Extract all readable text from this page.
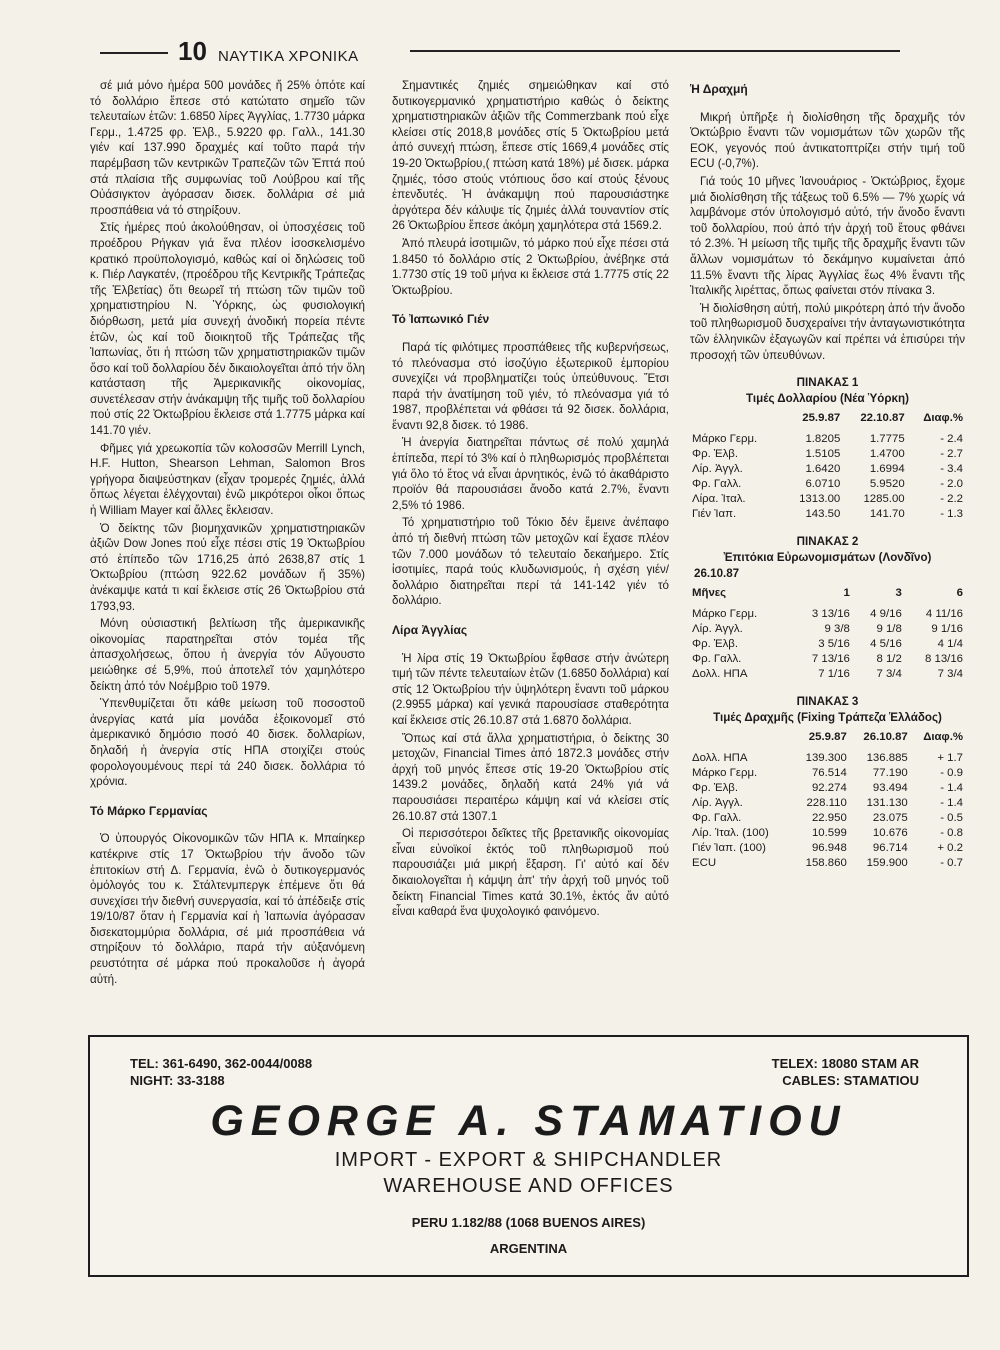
10 ΝΑΥΤΙΚΑ ΧΡΟΝΙΚΑ

σέ μιά μόνο ἡμέρα 500 μονάδες ἤ 25% ὁπότε καί τό δολλάριο ἔπεσε στό κατώτατο σημεῖο τῶν τελευταίων ἐτῶν: 1.6850 λίρες Ἀγγλίας, 1.7730 μάρκα Γερμ., 1.4725 φρ. Ἑλβ., 5.9220 φρ. Γαλλ., 141.30 γιέν καί 137.990 δραχμές καί τοῦτο παρά τήν παρέμβαση τῶν κεντρικῶν Τραπεζῶν τῶν Ἑπτά πού στά πλαίσια τῆς συμφωνίας τοῦ Λούβρου καί τῆς Οὐάσιγκτον ἀγόρασαν δισεκ. δολλάρια σέ μιά προσπάθεια νά τό στηρίξουν.

Στίς ἡμέρες πού ἀκολούθησαν, οἱ ὑποσχέσεις τοῦ προέδρου Ρήγκαν γιά ἕνα πλέον ἰσοσκελισμένο κρατικό προϋπολογισμό, καθώς καί οἱ δηλώσεις τοῦ κ. Πιέρ Λαγκατέν, (προέδρου τῆς Κεντρικῆς Τράπεζας τῆς Ἑλβετίας) ὅτι θεωρεῖ τή πτώση τῶν τιμῶν τοῦ χρηματιστηρίου Ν. Ὑόρκης, ὡς φυσιολογική διόρθωση, μετά μία συνεχή ἀνοδική πορεία πέντε ἐτῶν, ὡς καί τοῦ διοικητοῦ τῆς Τράπεζας τῆς Ἰαπωνίας, ὅτι ἡ πτώση τῶν χρηματιστηριακῶν τιμῶν ὅσο καί τοῦ δολλαρίου δέν δικαιολογεῖται ἀπό τήν ὅλη κατάσταση τῆς Ἀμερικανικῆς οἰκονομίας, συνετέλεσαν στήν ἀνάκαμψη τῆς τιμῆς τοῦ δολλαρίου πού στίς 22 Ὀκτωβρίου ἔκλεισε στά 1.7775 μάρκα καί 141.70 γιέν.

Φῆμες γιά χρεωκοπία τῶν κολοσσῶν Merrill Lynch, H.F. Hutton, Shearson Lehman, Salomon Bros γρήγορα διαψεύστηκαν (εἶχαν τρομερές ζημιές, ἀλλά ὅπως λέγεται ἐλέγχονται) ἐνῶ μικρότεροι οἶκοι ὅπως ἡ William Mayer καί ἄλλες ἔκλεισαν.

Ὁ δείκτης τῶν βιομηχανικῶν χρηματιστηριακῶν ἀξιῶν Dow Jones πού εἶχε πέσει στίς 19 Ὀκτωβρίου στό ἐπίπεδο τῶν 1716,25 ἀπό 2638,87 στίς 1 Ὀκτωβρίου (πτώση 922.62 μονάδων ἤ 35%) ἀνέκαμψε κατά τι καί ἔκλεισε στίς 26 Ὀκτωβρίου στά 1793,93.

Μόνη οὐσιαστική βελτίωση τῆς ἀμερικανικῆς οἰκονομίας παρατηρεῖται στόν τομέα τῆς ἀπασχολήσεως, ὅπου ἡ ἀνεργία τόν Αὔγουστο μειώθηκε σέ 5,9%, πού ἀποτελεῖ τόν χαμηλότερο δείκτη ἀπό τόν Νοέμβριο τοῦ 1979.

Ὑπενθυμίζεται ὅτι κάθε μείωση τοῦ ποσοστοῦ ἀνεργίας κατά μία μονάδα ἐξοικονομεῖ στό ἀμερικανικό δημόσιο ποσό 40 δισεκ. δολλαρίων, δηλαδή ἡ ἀνεργία στίς ΗΠΑ στοιχίζει στούς φορολογουμένους περί τά 240 δισεκ. δολλάρια τό χρόνια.

Τό Μάρκο Γερμανίας

Ὁ ὑπουργός Οἰκονομικῶν τῶν ΗΠΑ κ. Μπαίηκερ κατέκρινε στίς 17 Ὀκτωβρίου τήν ἄνοδο τῶν ἐπιτοκίων στή Δ. Γερμανία, ἐνῶ ὁ δυτικογερμανός ὁμόλογός του κ. Στάλτενμπεργκ ἐπέμενε ὅτι θά συνεχίσει τήν διεθνή συνεργασία, καί τό ἀπέδειξε στίς 19/10/87 ὅταν ἡ Γερμανία καί ἡ Ἰαπωνία ἀγόρασαν δισεκατομμύρια δολλάρια, σέ μιά προσπάθεια νά στηρίξουν τό δολλάριο, παρά τήν αὐξανόμενη ρευστότητα σέ μάρκα πού προκαλοῦσε ἡ ἀγορά αὐτή.

Σημαντικές ζημιές σημειώθηκαν καί στό δυτικογερμανικό χρηματιστήριο καθώς ὁ δείκτης χρηματιστηριακῶν ἀξιῶν τῆς Commerzbank πού εἶχε κλείσει στίς 2018,8 μονάδες στίς 5 Ὀκτωβρίου μετά ἀπό συνεχή πτώση, ἔπεσε στίς 1669,4 μονάδες στίς 19-20 Ὀκτωβρίου,( πτώση κατά 18%) μέ δισεκ. μάρκα ζημιές, τόσο στούς ντόπιους ὅσο καί στούς ξένους ἐπενδυτές. Ἡ ἀνάκαμψη πού παρουσιάστηκε ἀργότερα δέν κάλυψε τίς ζημιές ἀλλά τουναντίον στίς 26 Ὀκτωβρίου ἔπεσε ἀκόμη χαμηλότερα στά 1569.2.

Ἀπό πλευρά ἰσοτιμιῶν, τό μάρκο πού εἶχε πέσει στά 1.8450 τό δολλάριο στίς 2 Ὀκτωβρίου, ἀνέβηκε στά 1.7730 στίς 19 τοῦ μήνα κι ἔκλεισε στά 1.7775 στίς 22 Ὀκτωβρίου.

Τό Ἰαπωνικό Γιέν

Παρά τίς φιλότιμες προσπάθειες τῆς κυβερνήσεως, τό πλεόνασμα στό ἰσοζύγιο ἐξωτερικοῦ ἐμπορίου συνεχίζει νά προβληματίζει τούς ὑπεύθυνους. Ἔτσι παρά τήν ἀνατίμηση τοῦ γιέν, τό πλεόνασμα γιά τό 1987, προβλέπεται νά φθάσει τά 92 δισεκ. δολλάρια, ἔναντι 92,8 δισεκ. τό 1986.

Ἡ ἀνεργία διατηρεῖται πάντως σέ πολύ χαμηλά ἐπίπεδα, περί τό 3% καί ὁ πληθωρισμός προβλέπεται γιά ὅλο τό ἔτος νά εἶναι ἀρνητικός, ἐνῶ τό ἀκαθάριστο προϊόν θά παρουσιάσει ἄνοδο κατά 2.7%, ἔναντι 2,5% τό 1986.

Τό χρηματιστήριο τοῦ Τόκιο δέν ἔμεινε ἀνέπαφο ἀπό τή διεθνή πτώση τῶν μετοχῶν καί ἔχασε πλέον τῶν 7.000 μονάδων τό τελευταίο δεκαήμερο. Στίς ἰσοτιμίες, παρά τούς κλυδωνισμούς, ἡ σχέση γιέν/ δολλάριο διατηρεῖται περί τά 141-142 γιέν τό δολλάριο.

Λίρα Ἀγγλίας

Ἡ λίρα στίς 19 Ὀκτωβρίου ἔφθασε στήν ἀνώτερη τιμή τῶν πέντε τελευταίων ἐτῶν (1.6850 δολλάρια) καί στίς 12 Ὀκτωβρίου τήν ὑψηλότερη ἔναντι τοῦ μάρκου (2.9955 μάρκα) καί γενικά παρουσίασε σταθερότητα καί ἔκλεισε στίς 26.10.87 στά 1.6870 δολλάρια.

Ὅπως καί στά ἄλλα χρηματιστήρια, ὁ δείκτης 30 μετοχῶν, Financial Times ἀπό 1872.3 μονάδες στήν ἀρχή τοῦ μηνός ἔπεσε στίς 19-20 Ὀκτωβρίου στίς 1439.2 μονάδες, δηλαδή κατά 24% γιά νά παρουσιάσει περαιτέρω κάμψη καί νά κλείσει στίς 26.10.87 στά 1307.1

Οἱ περισσότεροι δεῖκτες τῆς βρετανικῆς οἰκονομίας εἶναι εὐνοϊκοί ἐκτός τοῦ πληθωρισμοῦ πού παρουσιάζει μιά μικρή ἔξαρση. Γι' αὐτό καί δέν δικαιολογεῖται ἡ κάμψη ἀπ' τήν ἀρχή τοῦ μηνός τοῦ δείκτη Financial Times κατά 30.1%, ἐκτός ἄν αὐτό εἶναι καθαρά ἕνα ψυχολογικό φαινόμενο.

Ἡ Δραχμή

Μικρή ὑπῆρξε ἡ διολίσθηση τῆς δραχμῆς τόν Ὀκτώβριο ἔναντι τῶν νομισμάτων τῶν χωρῶν τῆς ΕΟΚ, γεγονός πού ἀντικατοπτρίζει στήν τιμή τοῦ ECU (-0,7%).

Γιά τούς 10 μῆνες Ἰανουάριος - Ὀκτώβριος, ἔχομε μιά διολίσθηση τῆς τάξεως τοῦ 6.5% — 7% χωρίς νά λαμβάνομε στόν ὑπολογισμό αὐτό, τήν ἄνοδο ἔναντι τοῦ δολλαρίου, πού ἀπό τήν ἀρχή τοῦ ἔτους φθάνει τό 2.3%. Ἡ μείωση τῆς τιμῆς τῆς δραχμῆς ἔναντι τῶν ἄλλων νομισμάτων τό δεκάμηνο κυμαίνεται ἀπό 11.5% ἔναντι τῆς λίρας Ἀγγλίας ἕως 4% ἔναντι τῆς Ἰταλικῆς λιρέττας, ὅπως φαίνεται στόν πίνακα 3.

Ἡ διολίσθηση αὐτή, πολύ μικρότερη ἀπό τήν ἄνοδο τοῦ πληθωρισμοῦ δυσχεραίνει τήν ἀνταγωνιστικότητα τῶν ἑλληνικῶν ἐξαγωγῶν καί πρέπει νά ἐπισύρει τήν προσοχή τῶν ὑπευθύνων.

ΠΙΝΑΚΑΣ 1
Τιμές Δολλαρίου (Νέα Ὑόρκη)
	25.9.87	22.10.87	Διαφ.%
Μάρκο Γερμ.	1.8205	1.7775	- 2.4
Φρ. Ἑλβ.	1.5105	1.4700	- 2.7
Λίρ. Ἀγγλ.	1.6420	1.6994	- 3.4
Φρ. Γαλλ.	6.0710	5.9520	- 2.0
Λίρα. Ἰταλ.	1313.00	1285.00	- 2.2
Γιέν Ἰαπ.	143.50	141.70	- 1.3
ΠΙΝΑΚΑΣ 2
Ἐπιτόκια Εὐρωνομισμάτων (Λονδῖνο)
26.10.87
Μῆνες	1	3	6
Μάρκο Γερμ.	3 13/16	4 9/16	4 11/16
Λίρ. Ἀγγλ.	9 3/8	9 1/8	9 1/16
Φρ. Ἑλβ.	3 5/16	4 5/16	4 1/4
Φρ. Γαλλ.	7 13/16	8 1/2	8 13/16
Δολλ. ΗΠΑ	7 1/16	7 3/4	7 3/4
ΠΙΝΑΚΑΣ 3
Τιμές Δραχμῆς (Fixing Τράπεζα Ἑλλάδος)
	25.9.87	26.10.87	Διαφ.%
Δολλ. ΗΠΑ	139.300	136.885	+ 1.7
Μάρκο Γερμ.	76.514	77.190	- 0.9
Φρ. Ἑλβ.	92.274	93.494	- 1.4
Λίρ. Ἀγγλ.	228.110	131.130	- 1.4
Φρ. Γαλλ.	22.950	23.075	- 0.5
Λίρ. Ἰταλ. (100)	10.599	10.676	- 0.8
Γιέν Ἰαπ. (100)	96.948	96.714	+ 0.2
ECU	158.860	159.900	- 0.7
TEL: 361-6490, 362-0044/0088
NIGHT: 33-3188
TELEX: 18080 STAM AR
CABLES: STAMATIOU
GEORGE A. STAMATIOU
IMPORT - EXPORT & SHIPCHANDLER
WAREHOUSE AND OFFICES
PERU 1.182/88 (1068 BUENOS AIRES)
ARGENTINA
